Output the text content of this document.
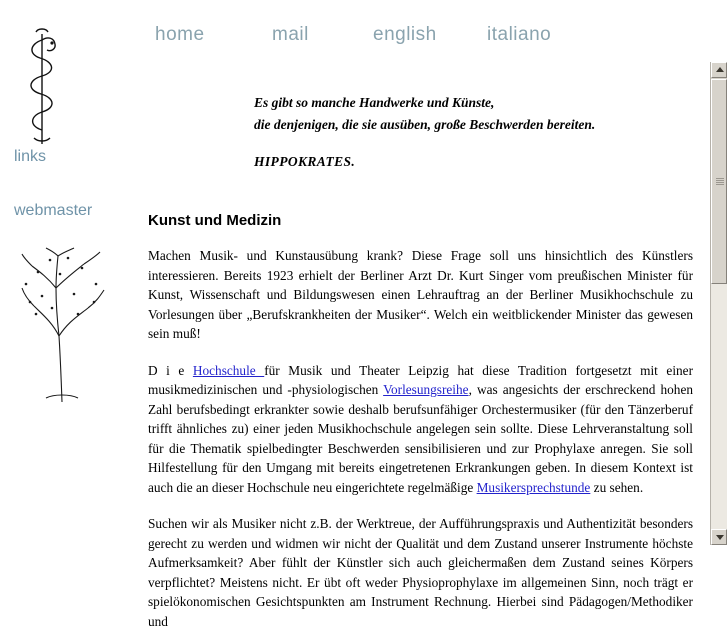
home	mail	english	italiano
links
webmaster

Es gibt so manche Handwerke und Künste,
die denjenigen, die sie ausüben, große Beschwerden bereiten.

HIPPOKRATES.

Kunst und Medizin

Machen Musik- und Kunstausübung krank? Diese Frage soll uns hinsichtlich des Künstlers interessieren. Bereits 1923 erhielt der Berliner Arzt Dr. Kurt Singer vom preußischen Minister für Kunst, Wissenschaft und Bildungswesen einen Lehrauftrag an der Berliner Musikhochschule zu Vorlesungen über „Berufskrankheiten der Musiker“. Welch ein weitblickender Minister das gewesen sein muß!

D i e Hochschule für Musik und Theater Leipzig hat diese Tradition fortgesetzt mit einer musikmedizinischen und -physiologischen Vorlesungsreihe, was angesichts der erschreckend hohen Zahl berufsbedingt erkrankter sowie deshalb berufsunfähiger Orchestermusiker (für den Tänzerberuf trifft ähnliches zu) einer jeden Musikhochschule angelegen sein sollte. Diese Lehrveranstaltung soll für die Thematik spielbedingter Beschwerden sensibilisieren und zur Prophylaxe anregen. Sie soll Hilfestellung für den Umgang mit bereits eingetretenen Erkrankungen geben. In diesem Kontext ist auch die an dieser Hochschule neu eingerichtete regelmäßige Musikersprechstunde zu sehen.

Suchen wir als Musiker nicht z.B. der Werktreue, der Aufführungspraxis und Authentizität besonders gerecht zu werden und widmen wir nicht der Qualität und dem Zustand unserer Instrumente höchste Aufmerksamkeit? Aber fühlt der Künstler sich auch gleichermaßen dem Zustand seines Körpers verpflichtet? Meistens nicht. Er übt oft weder Physioprophylaxe im allgemeinen Sinn, noch trägt er spielökonomischen Gesichtspunkten am Instrument Rechnung. Hierbei sind Pädagogen/Methodiker und
